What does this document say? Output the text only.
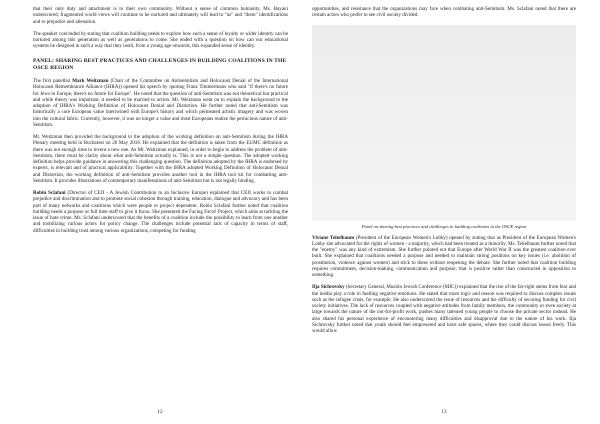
that their only duty and attachment is to their own community. Without a sense of common humanity, Ms. Bayani underscored, fragmented world views will continue to be nurtured and ultimately will lead to "us" and "them" identifications and to prejudice and alienation.

The speaker concluded by stating that coalition building needs to explore how such a sense of loyalty or wider identity can be nurtured among this generation as well as generations to come. She ended with a question on how can our educational systems be designed in such a way that they instil, from a young age onwards, this expanded sense of identity.

PANEL: SHARING BEST PRACTICES AND CHALLENGES IN BUILDING COALITIONS IN THE OSCE REGION

The first panellist Mark Weitzman (Chair of the Committee on Antisemitism and Holocaust Denial of the International Holocaust Remembrance Alliance (IHRA)) opened his speech by quoting Franz Timmermans who said "if there's no future for Jews in Europe, there's no future for Europe". He noted that the question of anti-Semitism was not theoretical but practical and while theory was important, it needed to be married to action. Mr. Weitzman went on to explain the background to the adoption of IHRA's Working Definition of Holocaust Denial and Distortion. He further noted that anti-Semitism was historically a core European value intertwined with Europe's history and which permeated artistic imagery and was woven into the cultural fabric. Currently, however, it was no longer a value and most Europeans realize the pernicious nature of anti-Semitism.

Mr. Weitzman then provided the background to the adoption of the working definition on anti-Semitism during the IHRA Plenary meeting held in Bucharest on 26 May 2016. He explained that the definition is taken from the EUMC definition as there was not enough time to invent a new one. As Mr. Weitzman explained, in order to begin to address the problem of anti-Semitism, there must be clarity about what anti-Semitism actually is. This is not a simple question. The adopted working definition helps provide guidance in answering this challenging question. The definition adopted by the IHRA is endorsed by experts, is relevant and of practical applicability. Together with the IHRA adopted Working Definition of Holocaust Denial and Distortion, the working definition of anti-Semitism provides another tool in the IHRA tool kit for combatting anti-Semitism. It provides illustrations of contemporary manifestations of anti-Semitism but is not legally binding.

Robin Sclafani (Director of CEJI - A Jewish Contribution to an Inclusive Europe) explained that CEJI works to combat prejudice and discrimination and to promote social cohesion through training, education, dialogue and advocacy and has been part of many networks and coalitions which were people or project dependent. Robin Sclafani further noted that coalition building needs a purpose or full time staff to give it focus. She presented the Facing Facts! Project, which aims at tackling the issue of hate crime. Ms. Sclafani underscored that the benefits of a coalition include the possibility to learn from one another and mobilizing various actors for policy change. The challenges include potential lack of capacity in terms of staff, difficulties in building trust among various organizations, competing for funding

12

opportunities, and resistance that the organizations may face when combating anti-Semitism. Ms. Sclafani noted that there are certain actors who prefer to see civil society divided.

Panel on sharing best practices and challenges in building coalitions in the OSCE region

Viviane Teitelbaum (President of the European Women's Lobby) opened by stating that as President of the European Women's Lobby she advocated for the rights of women - a majority, which had been treated as a minority. Ms. Teitelbaum further noted that the "enemy" was any kind of extremism. She further pointed out that Europe after World War II was the greatest coalition ever built. She explained that coalitions needed a purpose and needed to maintain strong positions on key issues (i.e. abolition of prostitution, violence against women) and stick to these without reopening the debate. She further noted that coalition building requires commitment, decision-making, communication and purpose; that is positive rather than constructed in opposition to something.

Ilja Sichrovsky (Secretary General, Muslim Jewish Conference (MJC)) explained that the rise of the far-right stems from fear and the media play a role in fuelling negative emotions. He stated that more logic and reason was required to discuss complex issues such as the refugee crisis, for example. He also underscored the issue of resources and the difficulty of securing funding for civil society initiatives. The lack of resources coupled with negative attitudes from family members, the community or even society at large towards the nature of the not-for-profit work, pushes many talented young people to choose the private sector instead. He also shared his personal experience of encountering many difficulties and disapproval due to the nature of his work. Ilja Sichrovsky further noted that youth should feel empowered and have safe spaces, where they could discuss issues freely. This would allow

13
